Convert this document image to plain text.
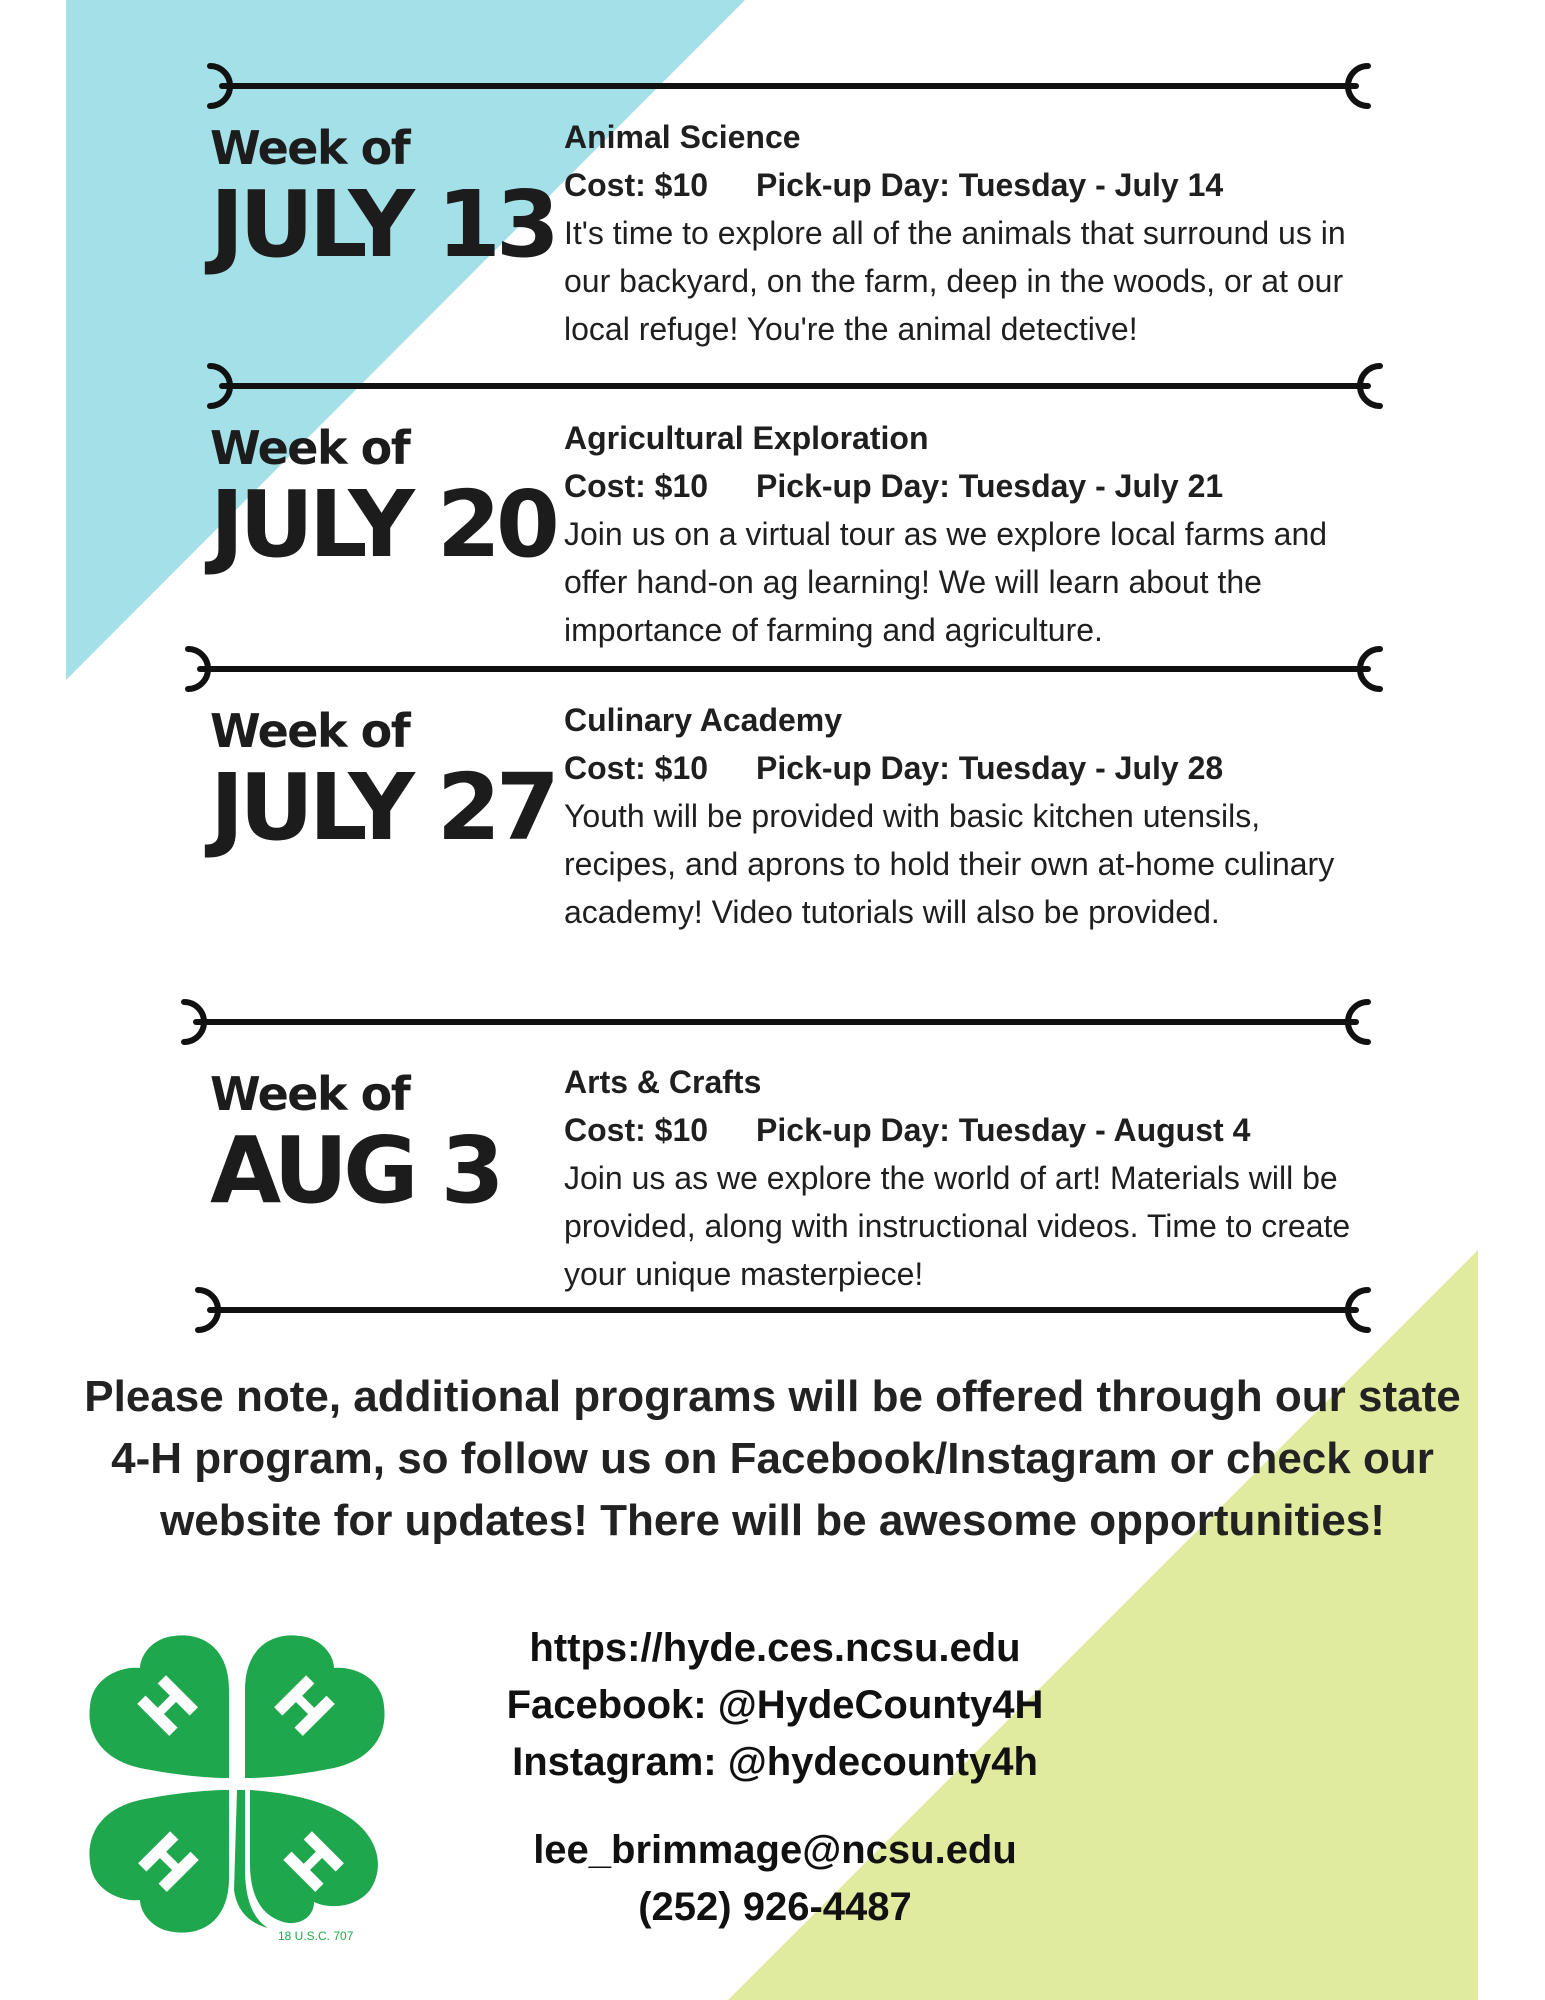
Week of
JULY 13
Animal Science
Cost: $10 Pick-up Day: Tuesday - July 14
It's time to explore all of the animals that surround us in our backyard, on the farm, deep in the woods, or at our local refuge! You're the animal detective!
Week of
JULY 20
Agricultural Exploration
Cost: $10 Pick-up Day: Tuesday - July 21
Join us on a virtual tour as we explore local farms and offer hand-on ag learning! We will learn about the importance of farming and agriculture.
Week of
JULY 27
Culinary Academy
Cost: $10 Pick-up Day: Tuesday - July 28
Youth will be provided with basic kitchen utensils, recipes, and aprons to hold their own at-home culinary academy! Video tutorials will also be provided.
Week of
AUG 3
Arts & Crafts
Cost: $10 Pick-up Day: Tuesday - August 4
Join us as we explore the world of art! Materials will be provided, along with instructional videos. Time to create your unique masterpiece!
Please note, additional programs will be offered through our state 4-H program, so follow us on Facebook/Instagram or check our website for updates! There will be awesome opportunities!
H H
H H
18 U.S.C. 707
https://hyde.ces.ncsu.edu
Facebook: @HydeCounty4H
Instagram: @hydecounty4h
lee_brimmage@ncsu.edu
(252) 926-4487
